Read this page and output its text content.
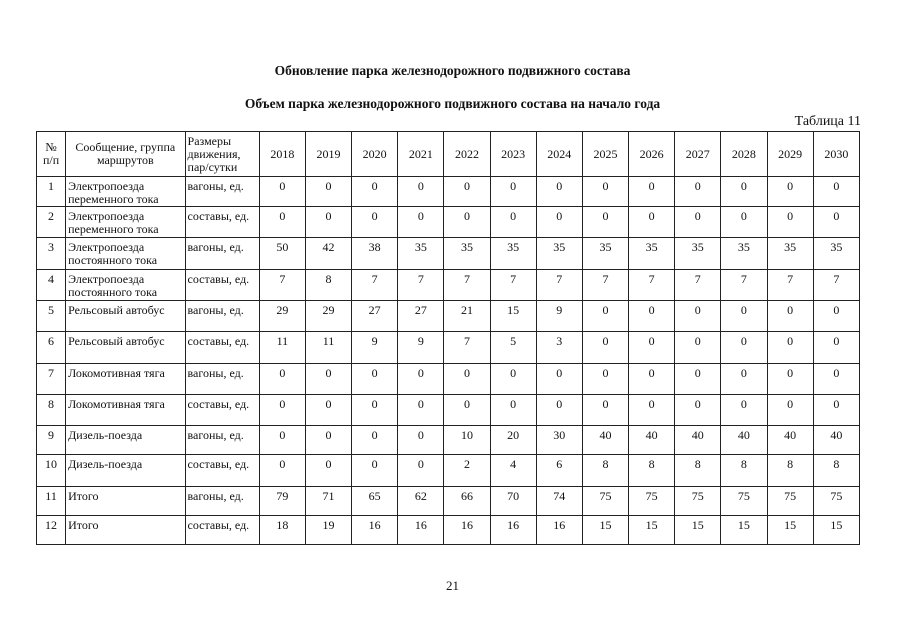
Обновление парка железнодорожного подвижного состава
Объем парка железнодорожного подвижного состава на начало года
Таблица 11
№ п/п	Сообщение, группа маршрутов	Размеры движения, пар/сутки	2018	2019	2020	2021	2022	2023	2024	2025	2026	2027	2028	2029	2030
1	Электропоезда переменного тока	вагоны, ед.	0	0	0	0	0	0	0	0	0	0	0	0	0
2	Электропоезда переменного тока	составы, ед.	0	0	0	0	0	0	0	0	0	0	0	0	0
3	Электропоезда постоянного тока	вагоны, ед.	50	42	38	35	35	35	35	35	35	35	35	35	35
4	Электропоезда постоянного тока	составы, ед.	7	8	7	7	7	7	7	7	7	7	7	7	7
5	Рельсовый автобус	вагоны, ед.	29	29	27	27	21	15	9	0	0	0	0	0	0
6	Рельсовый автобус	составы, ед.	11	11	9	9	7	5	3	0	0	0	0	0	0
7	Локомотивная тяга	вагоны, ед.	0	0	0	0	0	0	0	0	0	0	0	0	0
8	Локомотивная тяга	составы, ед.	0	0	0	0	0	0	0	0	0	0	0	0	0
9	Дизель-поезда	вагоны, ед.	0	0	0	0	10	20	30	40	40	40	40	40	40
10	Дизель-поезда	составы, ед.	0	0	0	0	2	4	6	8	8	8	8	8	8
11	Итого	вагоны, ед.	79	71	65	62	66	70	74	75	75	75	75	75	75
12	Итого	составы, ед.	18	19	16	16	16	16	16	15	15	15	15	15	15
21
